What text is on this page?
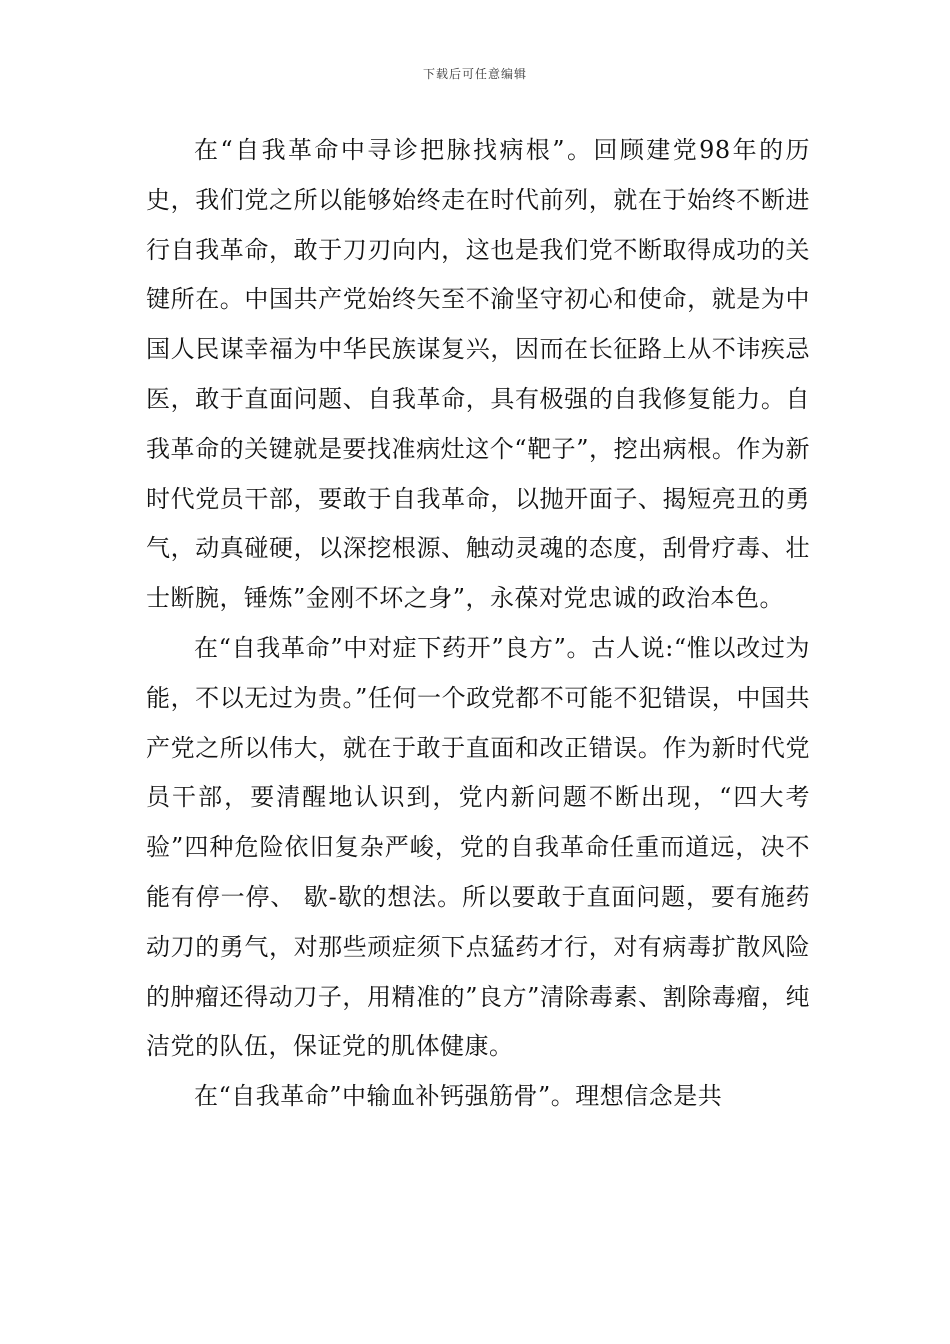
下载后可任意编辑

在“自我革命中寻诊把脉找病根”。回顾建党98年的历史，我们党之所以能够始终走在时代前列，就在于始终不断进行自我革命，敢于刀刃向内，这也是我们党不断取得成功的关键所在。中国共产党始终矢至不渝坚守初心和使命，就是为中国人民谋幸福为中华民族谋复兴，因而在长征路上从不讳疾忌医，敢于直面问题、自我革命，具有极强的自我修复能力。自我革命的关键就是要找准病灶这个“靶子”，挖出病根。作为新时代党员干部，要敢于自我革命，以抛开面子、揭短亮丑的勇气，动真碰硬，以深挖根源、触动灵魂的态度，刮骨疗毒、壮士断腕，锤炼”金刚不坏之身”，永葆对党忠诚的政治本色。

在“自我革命”中对症下药开”良方”。古人说:“惟以改过为能，不以无过为贵。”任何一个政党都不可能不犯错误，中国共产党之所以伟大，就在于敢于直面和改正错误。作为新时代党员干部，要清醒地认识到，党内新问题不断出现，“四大考验”四种危险依旧复杂严峻，党的自我革命任重而道远，决不能有停一停、 歇-歇的想法。所以要敢于直面问题，要有施药动刀的勇气，对那些顽症须下点猛药才行，对有病毒扩散风险的肿瘤还得动刀子，用精准的”良方”清除毒素、割除毒瘤，纯洁党的队伍，保证党的肌体健康。

在“自我革命”中输血补钙强筋骨”。理想信念是共
